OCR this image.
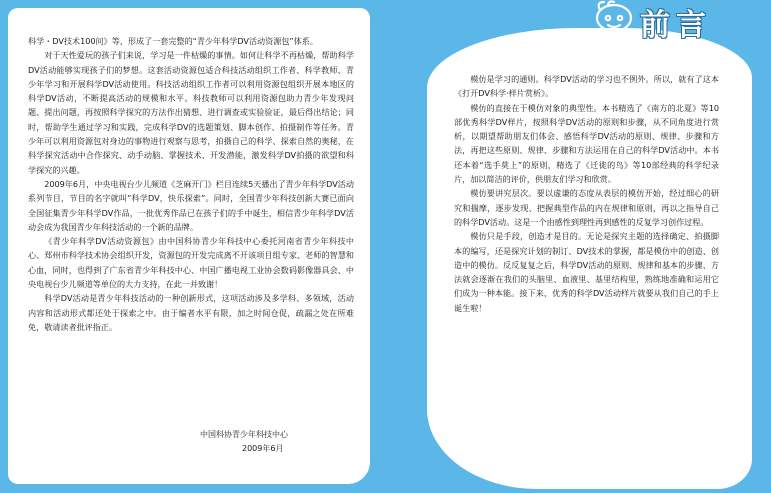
前言

科学・DV技术100问》等，形成了一套完整的“青少年科学DV活动资源包”体系。

对于天性爱玩的孩子们来说，学习是一件枯燥的事情。如何让科学不再枯燥，帮助科学DV活动能够实现孩子们的梦想。这套活动资源包适合科技活动组织工作者、科学教师、青少年学习和开展科学DV活动使用。科技活动组织工作者可以利用资源包组织开展本地区的科学DV活动，不断提高活动的规模和水平。科技教师可以利用资源包助力青少年发现问题、提出问题，再按照科学探究的方法作出猜想、进行调查或实验验证，最后得出结论；同时，帮助学生通过学习和实践，完成科学DV的选题策划、脚本创作、拍摄制作等任务。青少年可以利用资源包对身边的事物进行观察与思考，拍摄自己的科学、探索自然的奥秘，在科学探究活动中合作探究、动手动脑、掌握技术、开发潜能，激发科学DV拍摄的欲望和科学探究的兴趣。

2009年6月，中央电视台少儿频道《芝麻开门》栏目连续5天播出了青少年科学DV活动系列节目，节目的名字就叫“科学DV，快乐探索”。同时，全国青少年科技创新大赛已面向全国征集青少年科学DV作品，一批优秀作品已在孩子们的手中诞生，相信青少年科学DV活动会成为我国青少年科技活动的一个新的品牌。

《青少年科学DV活动资源包》由中国科协青少年科技中心委托河南省青少年科技中心、郑州市科学技术协会组织开发，资源包的开发完成离不开该项目组专家、老师的智慧和心血，同时，也得到了广东省青少年科技中心、中国广播电视工业协会数码影像器具会、中央电视台少儿频道等单位的大力支持，在此一并致谢！

科学DV活动是青少年科技活动的一种创新形式，这项活动涉及多学科、多领域，活动内容和活动形式都还处于探索之中。由于编者水平有限，加之时间仓促，疏漏之处在所难免，敬请读者批评指正。

中国科协青少年科技中心
2009年6月

模仿是学习的通则。科学DV活动的学习也不例外。所以，就有了这本《打开DV科学·样片赏析》。

模仿的直接在于模仿对象的典型性。本书精选了《南方的北夏》等10部优秀科学DV样片，按照科学DV活动的原则和步骤，从不同角度进行赏析，以期望帮助朋友们体会、感悟科学DV活动的原则、规律、步骤和方法，再把这些原则、规律、步骤和方法运用在自己的科学DV活动中。本书还本着“选手莫上”的原则，精选了《迁徙的鸟》等10部经典的科学纪录片，加以简洁的评价，供朋友们学习和欣赏。

模仿要讲究层次。要以虚谦的态度从表层的模仿开始，经过细心的研究和揣摩，逐步发现、把握典型作品的内在规律和原则，再以之指导自己的科学DV活动。这是一个由感性到理性再到感性的反复学习创作过程。

模仿只是手段，创造才是目的。无论是探究主题的选择确定、拍摄脚本的编写，还是探究计划的制订、DV技术的掌握，都是模仿中的创造、创造中的模仿。反反复复之后，科学DV活动的原则、规律和基本的步骤、方法就会逐渐在我们的头脑里、血液里、基里结构里，熟练地准确和运用它们成为一种本能。接下来，优秀的科学DV活动样片就要从我们自己的手上诞生啦！
